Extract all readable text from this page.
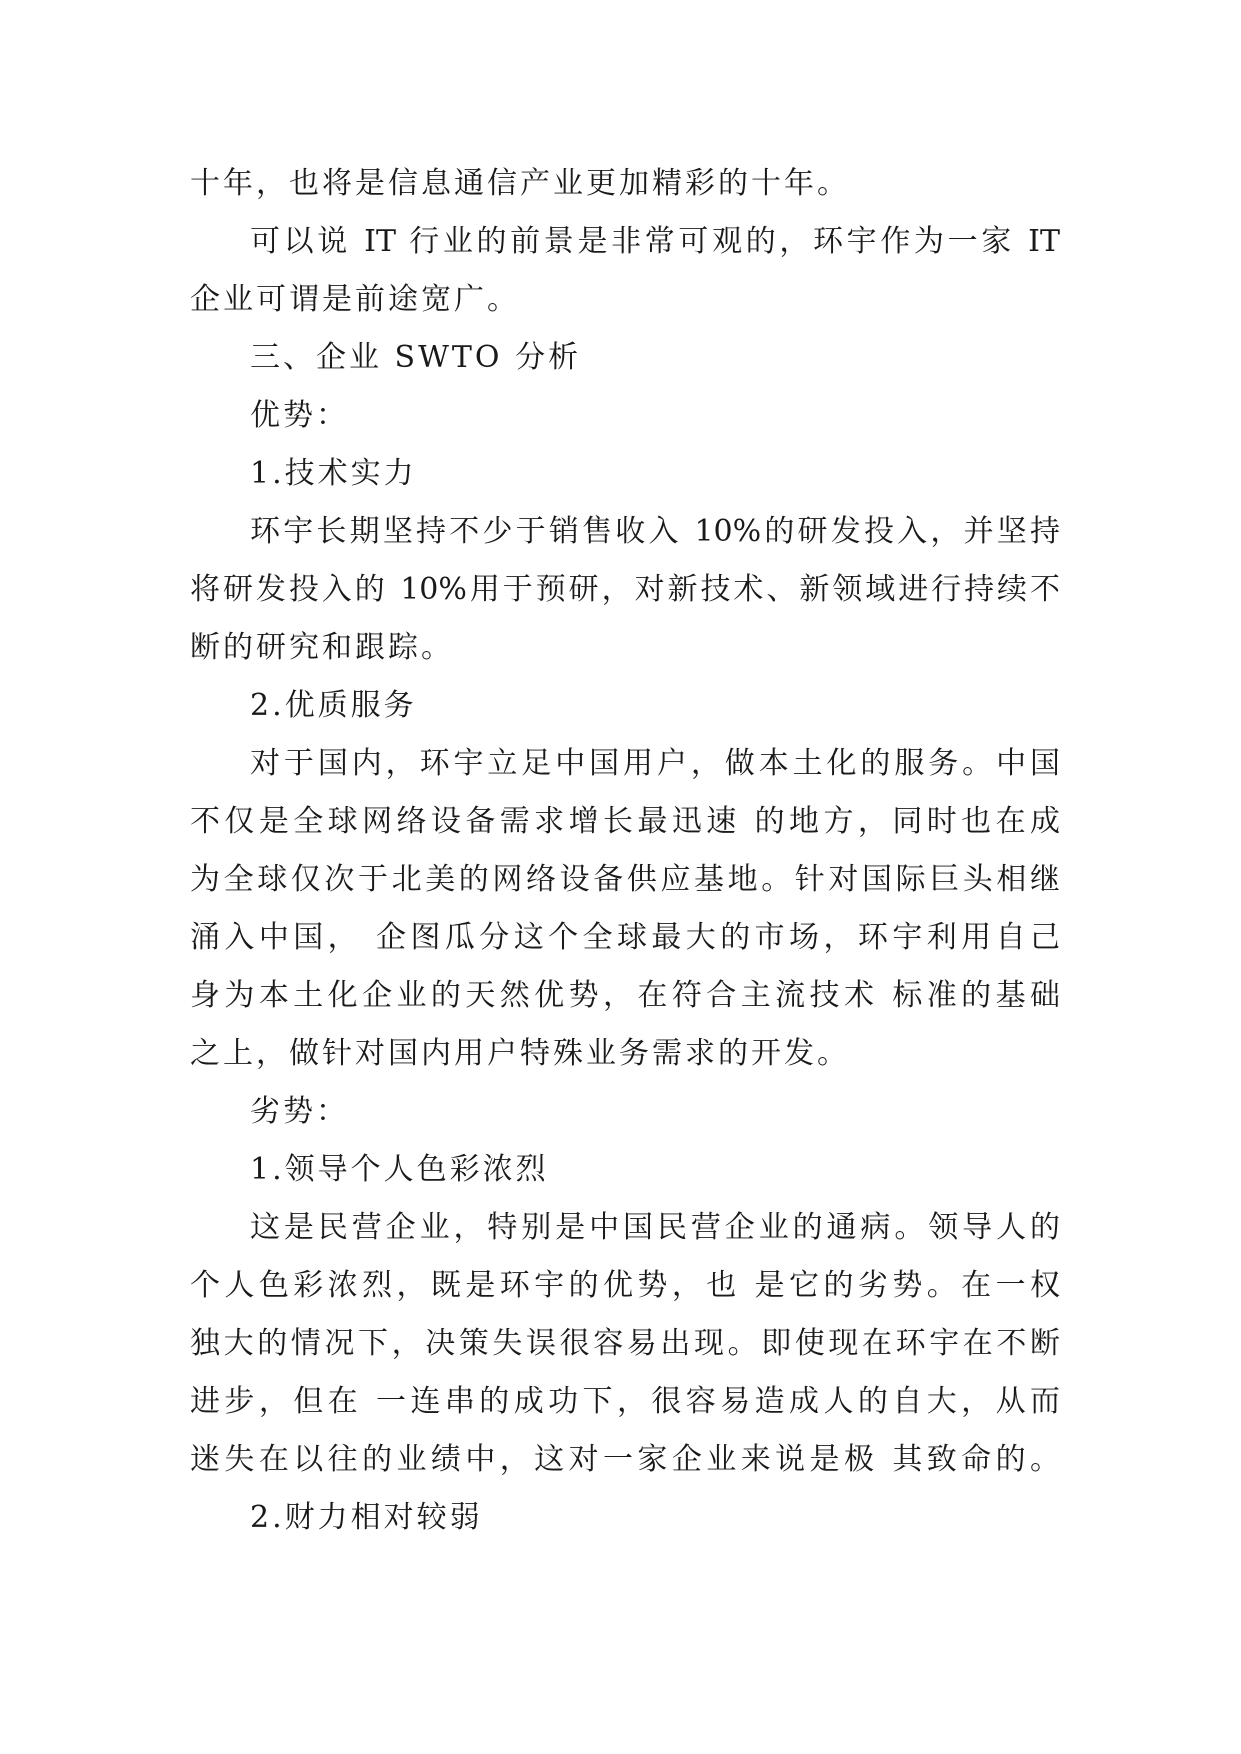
十年，也将是信息通信产业更加精彩的十年。
可以说 IT 行业的前景是非常可观的，环宇作为一家 IT
企业可谓是前途宽广。
三、企业 SWTO 分析
优势：
1.技术实力
环宇长期坚持不少于销售收入 10%的研发投入，并坚持
将研发投入的 10%用于预研，对新技术、新领域进行持续不
断的研究和跟踪。
2.优质服务
对于国内，环宇立足中国用户，做本土化的服务。中国
不仅是全球网络设备需求增长最迅速 的地方，同时也在成
为全球仅次于北美的网络设备供应基地。针对国际巨头相继
涌入中国， 企图瓜分这个全球最大的市场，环宇利用自己
身为本土化企业的天然优势，在符合主流技术 标准的基础
之上，做针对国内用户特殊业务需求的开发。
劣势：
1.领导个人色彩浓烈
这是民营企业，特别是中国民营企业的通病。领导人的
个人色彩浓烈，既是环宇的优势，也 是它的劣势。在一权
独大的情况下，决策失误很容易出现。即使现在环宇在不断
进步，但在 一连串的成功下，很容易造成人的自大，从而
迷失在以往的业绩中，这对一家企业来说是极 其致命的。
2.财力相对较弱
